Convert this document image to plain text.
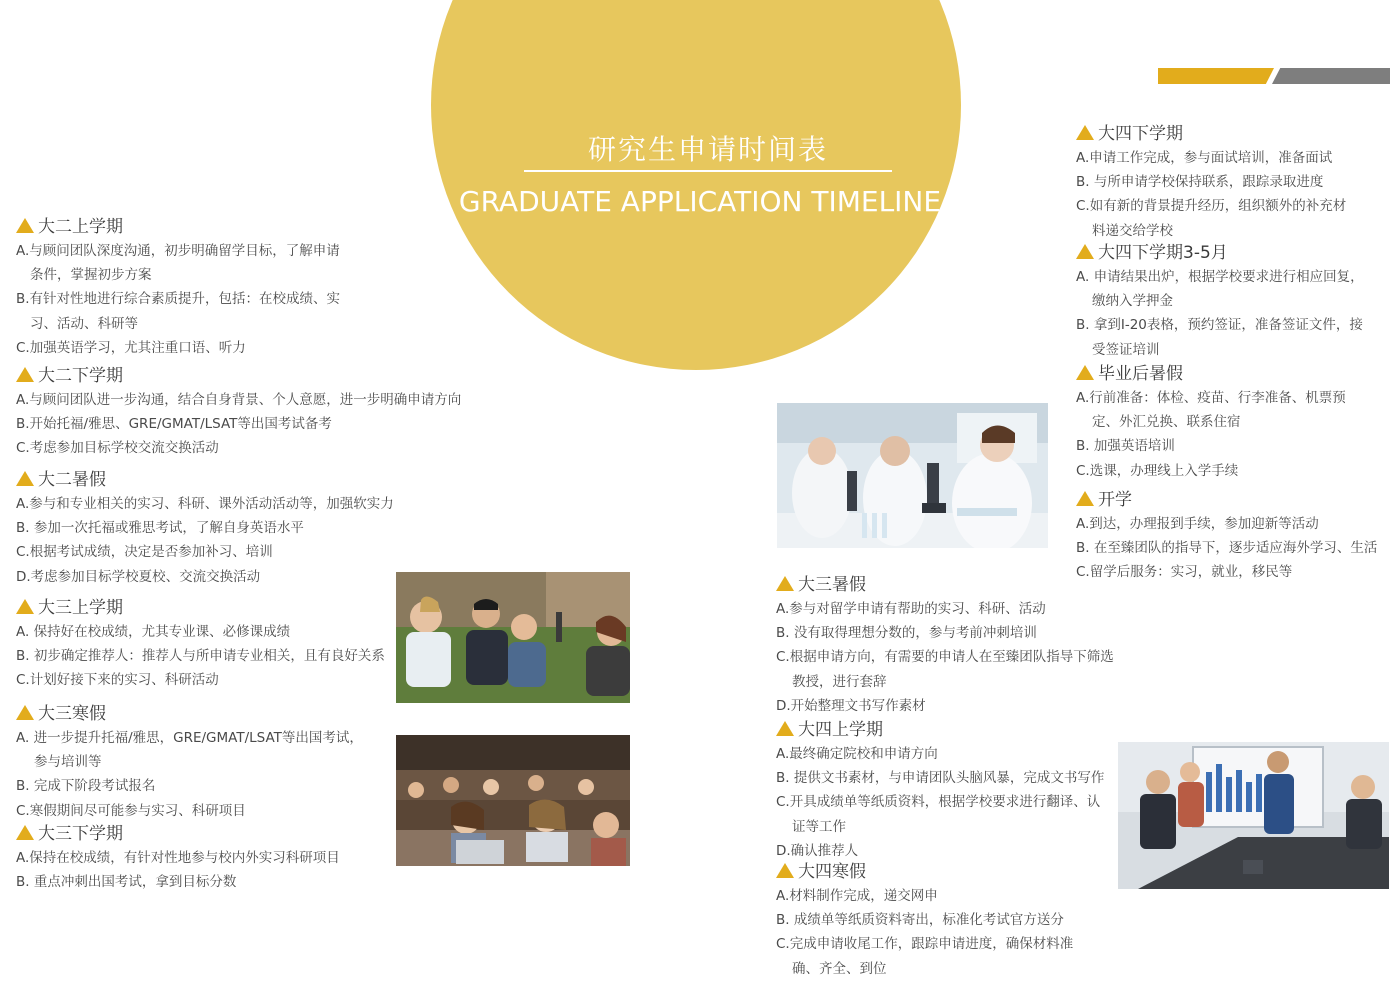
研究生申请时间表
GRADUATE APPLICATION TIMELINE
大二上学期
A.与顾问团队深度沟通，初步明确留学目标，了解申请
条件，掌握初步方案
B.有针对性地进行综合素质提升，包括：在校成绩、实
习、活动、科研等
C.加强英语学习，尤其注重口语、听力
大二下学期
A.与顾问团队进一步沟通，结合自身背景、个人意愿，进一步明确申请方向
B.开始托福/雅思、GRE/GMAT/LSAT等出国考试备考
C.考虑参加目标学校交流交换活动
大二暑假
A.参与和专业相关的实习、科研、课外活动活动等，加强软实力
B. 参加一次托福或雅思考试，了解自身英语水平
C.根据考试成绩，决定是否参加补习、培训
D.考虑参加目标学校夏校、交流交换活动
大三上学期
A. 保持好在校成绩，尤其专业课、必修课成绩
B. 初步确定推荐人：推荐人与所申请专业相关，且有良好关系
C.计划好接下来的实习、科研活动
大三寒假
A. 进一步提升托福/雅思，GRE/GMAT/LSAT等出国考试，
参与培训等
B. 完成下阶段考试报名
C.寒假期间尽可能参与实习、科研项目
大三下学期
A.保持在校成绩，有针对性地参与校内外实习科研项目
B. 重点冲刺出国考试，拿到目标分数
大三暑假
A.参与对留学申请有帮助的实习、科研、活动
B. 没有取得理想分数的，参与考前冲刺培训
C.根据申请方向，有需要的申请人在至臻团队指导下筛选
教授，进行套辞
D.开始整理文书写作素材
大四上学期
A.最终确定院校和申请方向
B. 提供文书素材，与申请团队头脑风暴，完成文书写作
C.开具成绩单等纸质资料，根据学校要求进行翻译、认
证等工作
D.确认推荐人
大四寒假
A.材料制作完成，递交网申
B. 成绩单等纸质资料寄出，标准化考试官方送分
C.完成申请收尾工作，跟踪申请进度，确保材料准
确、齐全、到位
大四下学期
A.申请工作完成，参与面试培训，准备面试
B. 与所申请学校保持联系，跟踪录取进度
C.如有新的背景提升经历，组织额外的补充材
料递交给学校
大四下学期3-5月
A. 申请结果出炉，根据学校要求进行相应回复，
缴纳入学押金
B. 拿到I-20表格，预约签证，准备签证文件，接
受签证培训
毕业后暑假
A.行前准备：体检、疫苗、行李准备、机票预
定、外汇兑换、联系住宿
B. 加强英语培训
C.选课，办理线上入学手续
开学
A.到达，办理报到手续，参加迎新等活动
B. 在至臻团队的指导下，逐步适应海外学习、生活
C.留学后服务：实习，就业，移民等
